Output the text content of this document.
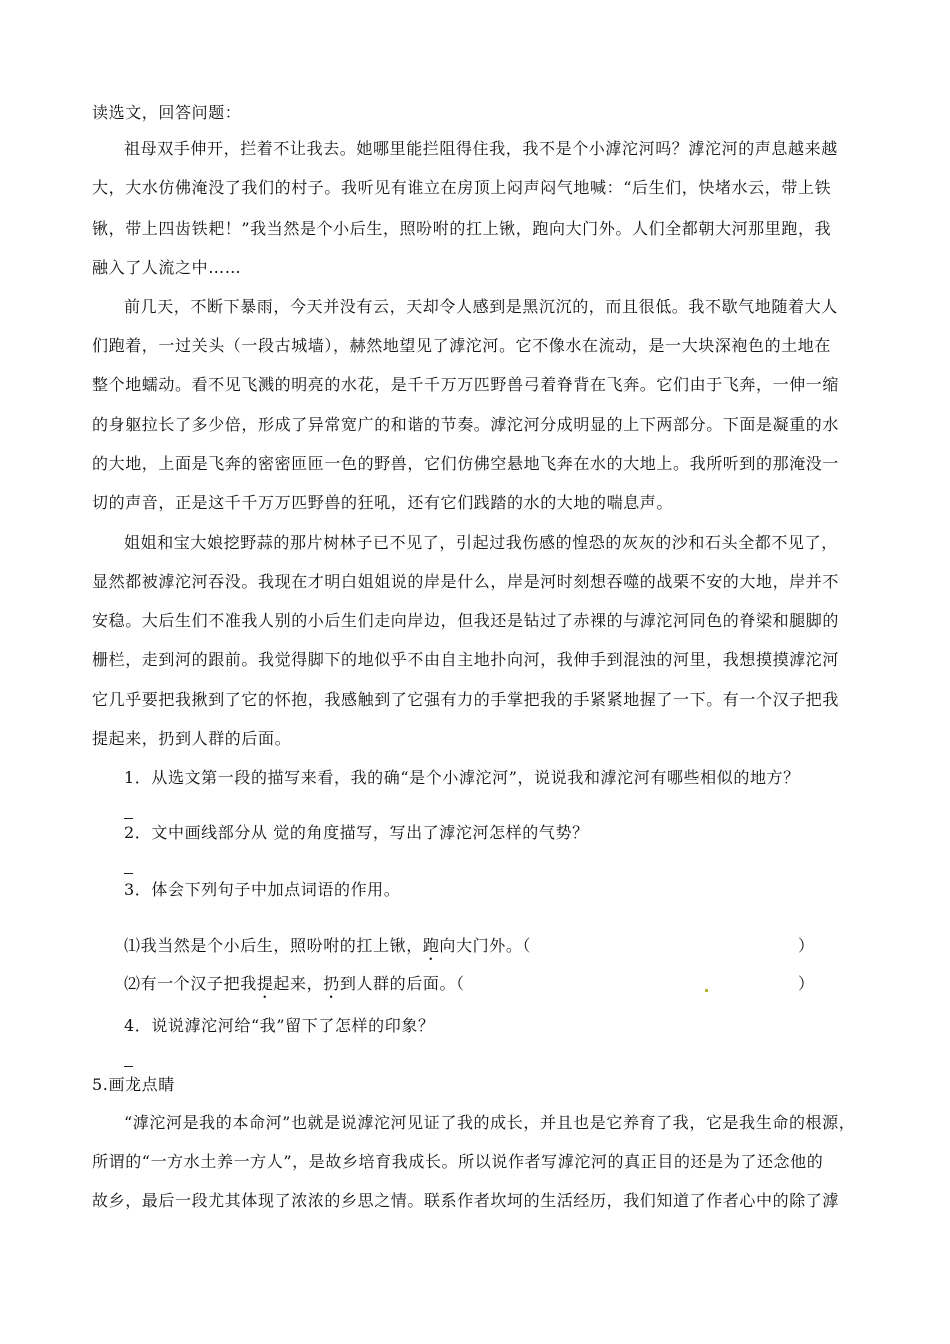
读选文，回答问题：
祖母双手伸开，拦着不让我去。她哪里能拦阻得住我，我不是个小滹沱河吗？滹沱河的声息越来越
大，大水仿佛淹没了我们的村子。我听见有谁立在房顶上闷声闷气地喊：“后生们，快堵水云，带上铁
锹，带上四齿铁耙！”我当然是个小后生，照吩咐的扛上锹，跑向大门外。人们全都朝大河那里跑，我
融入了人流之中……
前几天，不断下暴雨，今天并没有云，天却令人感到是黑沉沉的，而且很低。我不歇气地随着大人
们跑着，一过关头（一段古城墙），赫然地望见了滹沱河。它不像水在流动，是一大块深袍色的土地在
整个地蠕动。看不见飞溅的明亮的水花，是千千万万匹野兽弓着脊背在飞奔。它们由于飞奔，一伸一缩
的身躯拉长了多少倍，形成了异常宽广的和谐的节奏。滹沱河分成明显的上下两部分。下面是凝重的水
的大地，上面是飞奔的密密匝匝一色的野兽，它们仿佛空悬地飞奔在水的大地上。我所听到的那淹没一
切的声音，正是这千千万万匹野兽的狂吼，还有它们践踏的水的大地的喘息声。
姐姐和宝大娘挖野蒜的那片树林子已不见了，引起过我伤感的惶恐的灰灰的沙和石头全都不见了，
显然都被滹沱河吞没。我现在才明白姐姐说的岸是什么，岸是河时刻想吞噬的战栗不安的大地，岸并不
安稳。大后生们不准我人别的小后生们走向岸边，但我还是钻过了赤裸的与滹沱河同色的脊梁和腿脚的
栅栏，走到河的跟前。我觉得脚下的地似乎不由自主地扑向河，我伸手到混浊的河里，我想摸摸滹沱河
它几乎要把我揪到了它的怀抱，我感触到了它强有力的手掌把我的手紧紧地握了一下。有一个汉子把我
提起来，扔到人群的后面。
1．从选文第一段的描写来看，我的确“是个小滹沱河”，说说我和滹沱河有哪些相似的地方？
2．文中画线部分从 觉的角度描写，写出了滹沱河怎样的气势？
3．体会下列句子中加点词语的作用。
⑴我当然是个小后生，照吩咐的扛上锹，跑向大门外。（	）
⑵有一个汉子把我提起来，扔到人群的后面。（	）
4．说说滹沱河给“我”留下了怎样的印象？
5.画龙点睛
“滹沱河是我的本命河”也就是说滹沱河见证了我的成长，并且也是它养育了我，它是我生命的根源，
所谓的“一方水土养一方人”，是故乡培育我成长。所以说作者写滹沱河的真正目的还是为了还念他的
故乡，最后一段尤其体现了浓浓的乡思之情。联系作者坎坷的生活经历，我们知道了作者心中的除了滹
